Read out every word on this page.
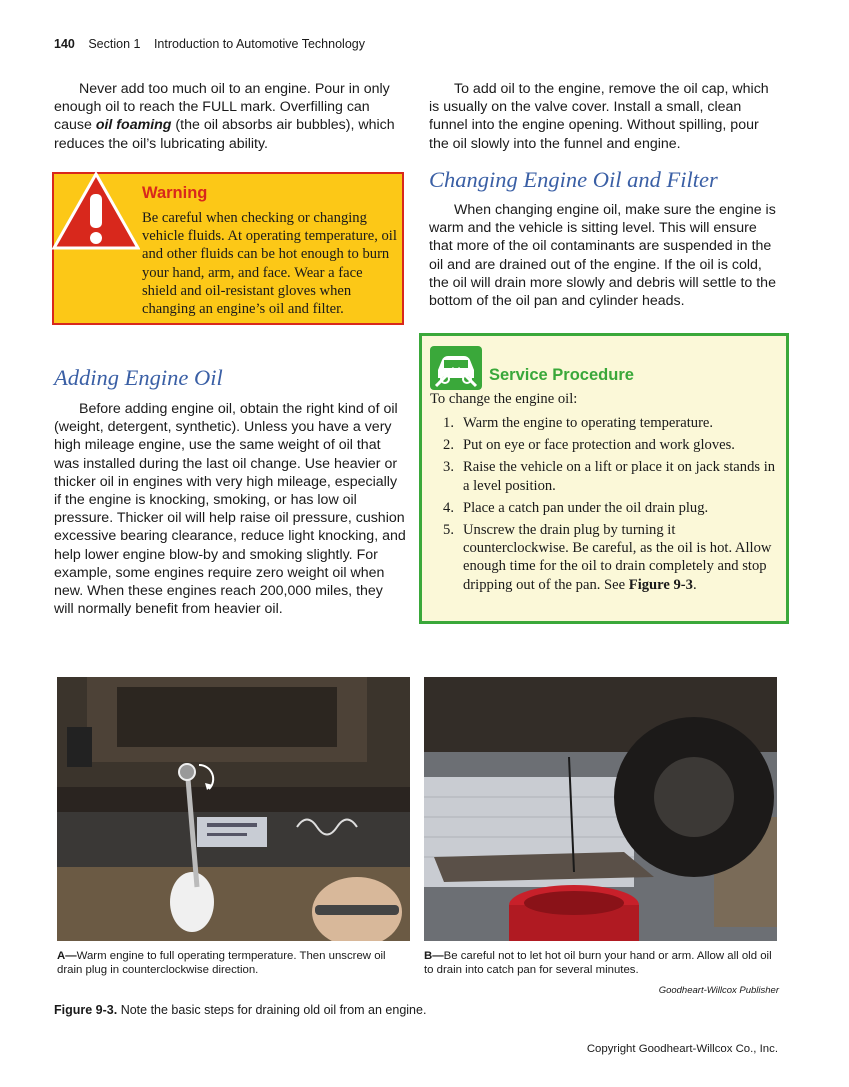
140 Section 1 Introduction to Automotive Technology

Never add too much oil to an engine. Pour in only enough oil to reach the FULL mark. Overfilling can cause oil foaming (the oil absorbs air bubbles), which reduces the oil’s lubricating ability.

Warning
Be careful when checking or changing vehicle fluids. At operating temperature, oil and other fluids can be hot enough to burn your hand, arm, and face. Wear a face shield and oil-resistant gloves when changing an engine’s oil and filter.
Adding Engine Oil

Before adding engine oil, obtain the right kind of oil (weight, detergent, synthetic). Unless you have a very high mileage engine, use the same weight of oil that was installed during the last oil change. Use heavier or thicker oil in engines with very high mileage, especially if the engine is knocking, smoking, or has low oil pressure. Thicker oil will help raise oil pressure, cushion excessive bearing clearance, reduce light knocking, and help lower engine blow-by and smoking slightly. For example, some engines require zero weight oil when new. When these engines reach 200,000 miles, they will normally benefit from heavier oil.

To add oil to the engine, remove the oil cap, which is usually on the valve cover. Install a small, clean funnel into the engine opening. Without spilling, pour the oil slowly into the funnel and engine.

Changing Engine Oil and Filter

When changing engine oil, make sure the engine is warm and the vehicle is sitting level. This will ensure that more of the oil contaminants are suspended in the oil and are drained out of the engine. If the oil is cold, the oil will drain more slowly and debris will settle to the bottom of the oil pan and cylinder heads.

Service Procedure
To change the engine oil:
1. Warm the engine to operating temperature.
2. Put on eye or face protection and work gloves.
3. Raise the vehicle on a lift or place it on jack stands in a level position.
4. Place a catch pan under the oil drain plug.
5. Unscrew the drain plug by turning it counterclockwise. Be careful, as the oil is hot. Allow enough time for the oil to drain completely and stop dripping out of the pan. See Figure 9-3.
A—Warm engine to full operating termperature. Then unscrew oil drain plug in counterclockwise direction.
B—Be careful not to let hot oil burn your hand or arm. Allow all old oil to drain into catch pan for several minutes.
Goodheart-Willcox Publisher
Figure 9-3. Note the basic steps for draining old oil from an engine.
Copyright Goodheart-Willcox Co., Inc.
